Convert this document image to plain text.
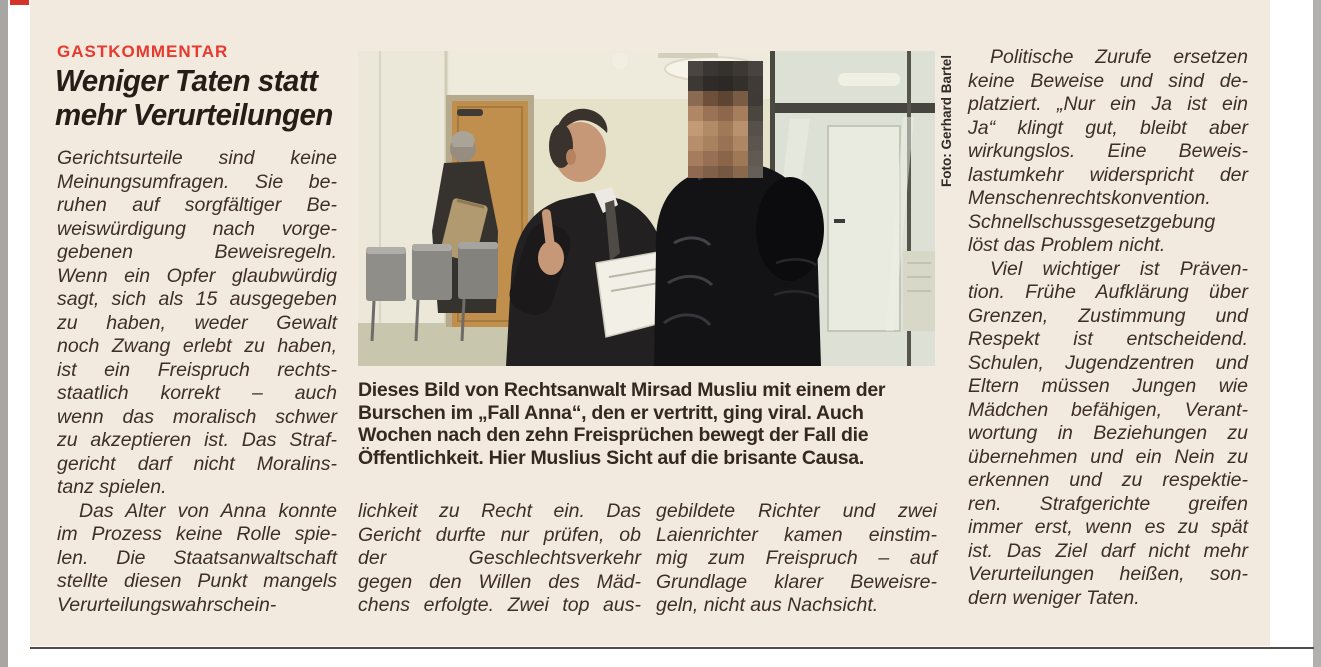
GASTKOMMENTAR
Weniger Taten statt
mehr Verurteilungen
Gerichtsurteile sind keine
Meinungsumfragen. Sie be-
ruhen auf sorgfältiger Be-
weiswürdigung nach vorge-
gebenen Beweisregeln.
Wenn ein Opfer glaubwürdig
sagt, sich als 15 ausgegeben
zu haben, weder Gewalt
noch Zwang erlebt zu haben,
ist ein Freispruch rechts-
staatlich korrekt – auch
wenn das moralisch schwer
zu akzeptieren ist. Das Straf-
gericht darf nicht Moralins-
tanz spielen.
Das Alter von Anna konnte
im Prozess keine Rolle spie-
len. Die Staatsanwaltschaft
stellte diesen Punkt mangels
Verurteilungswahrschein-
Foto: Gerhard Bartel
Dieses Bild von Rechtsanwalt Mirsad Musliu mit einem der
Burschen im „Fall Anna“, den er vertritt, ging viral. Auch
Wochen nach den zehn Freisprüchen bewegt der Fall die
Öffentlichkeit. Hier Muslius Sicht auf die brisante Causa.
lichkeit zu Recht ein. Das
Gericht durfte nur prüfen, ob
der Geschlechtsverkehr
gegen den Willen des Mäd-
chens erfolgte. Zwei top aus-
gebildete Richter und zwei
Laienrichter kamen einstim-
mig zum Freispruch – auf
Grundlage klarer Beweisre-
geln, nicht aus Nachsicht.
Politische Zurufe ersetzen
keine Beweise und sind de-
platziert. „Nur ein Ja ist ein
Ja“ klingt gut, bleibt aber
wirkungslos. Eine Beweis-
lastumkehr widerspricht der
Menschenrechtskonvention.
Schnellschussgesetzgebung
löst das Problem nicht.
Viel wichtiger ist Präven-
tion. Frühe Aufklärung über
Grenzen, Zustimmung und
Respekt ist entscheidend.
Schulen, Jugendzentren und
Eltern müssen Jungen wie
Mädchen befähigen, Verant-
wortung in Beziehungen zu
übernehmen und ein Nein zu
erkennen und zu respektie-
ren. Strafgerichte greifen
immer erst, wenn es zu spät
ist. Das Ziel darf nicht mehr
Verurteilungen heißen, son-
dern weniger Taten.
